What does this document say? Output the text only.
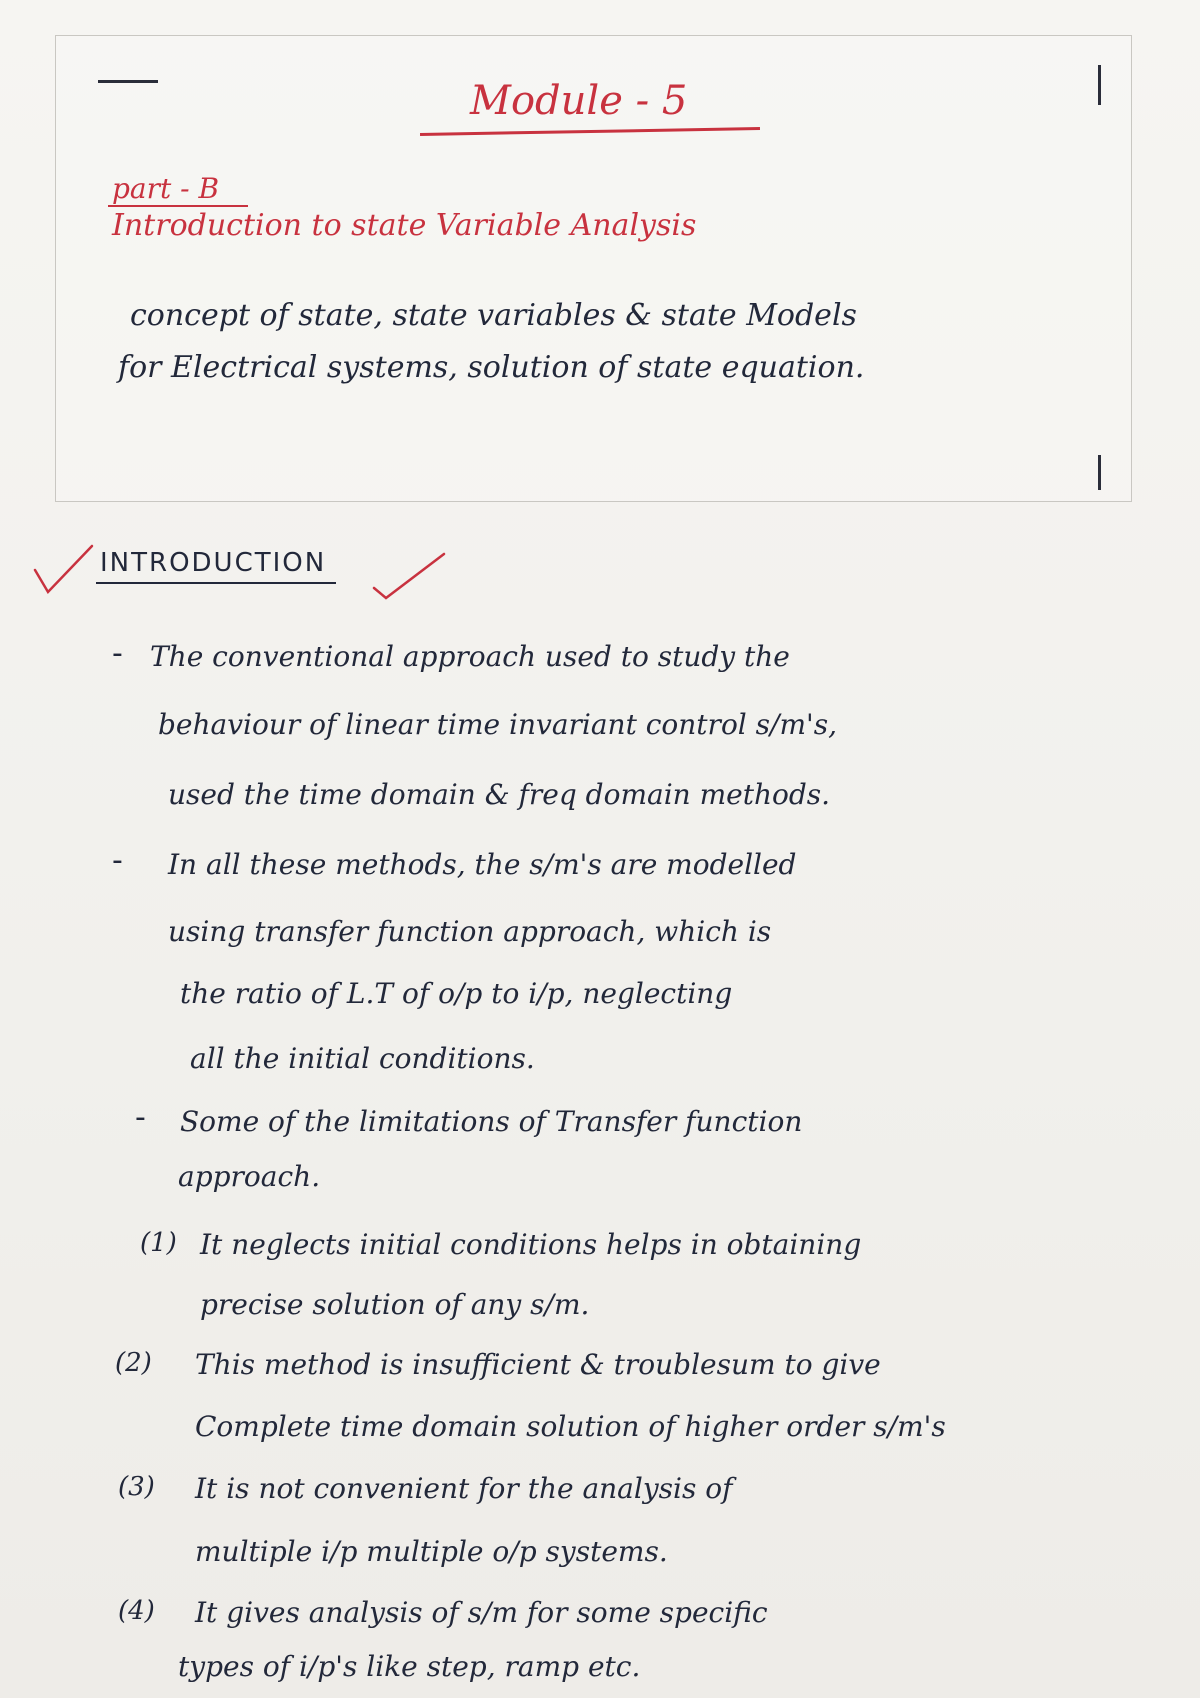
Module - 5
part - B
Introduction to state Variable Analysis
concept of state, state variables & state Models
for Electrical systems, solution of state equation.
INTRODUCTION
- The conventional approach used to study the
behaviour of linear time invariant control s/m's,
used the time domain & freq domain methods.
- In all these methods, the s/m's are modelled
using transfer function approach, which is
the ratio of L.T of o/p to i/p, neglecting
all the initial conditions.
- Some of the limitations of Transfer function
approach.
(1) It neglects initial conditions helps in obtaining
precise solution of any s/m.
(2) This method is insufficient & troublesum to give
Complete time domain solution of higher order s/m's
(3) It is not convenient for the analysis of
multiple i/p multiple o/p systems.
(4) It gives analysis of s/m for some specific
types of i/p's like step, ramp etc.
